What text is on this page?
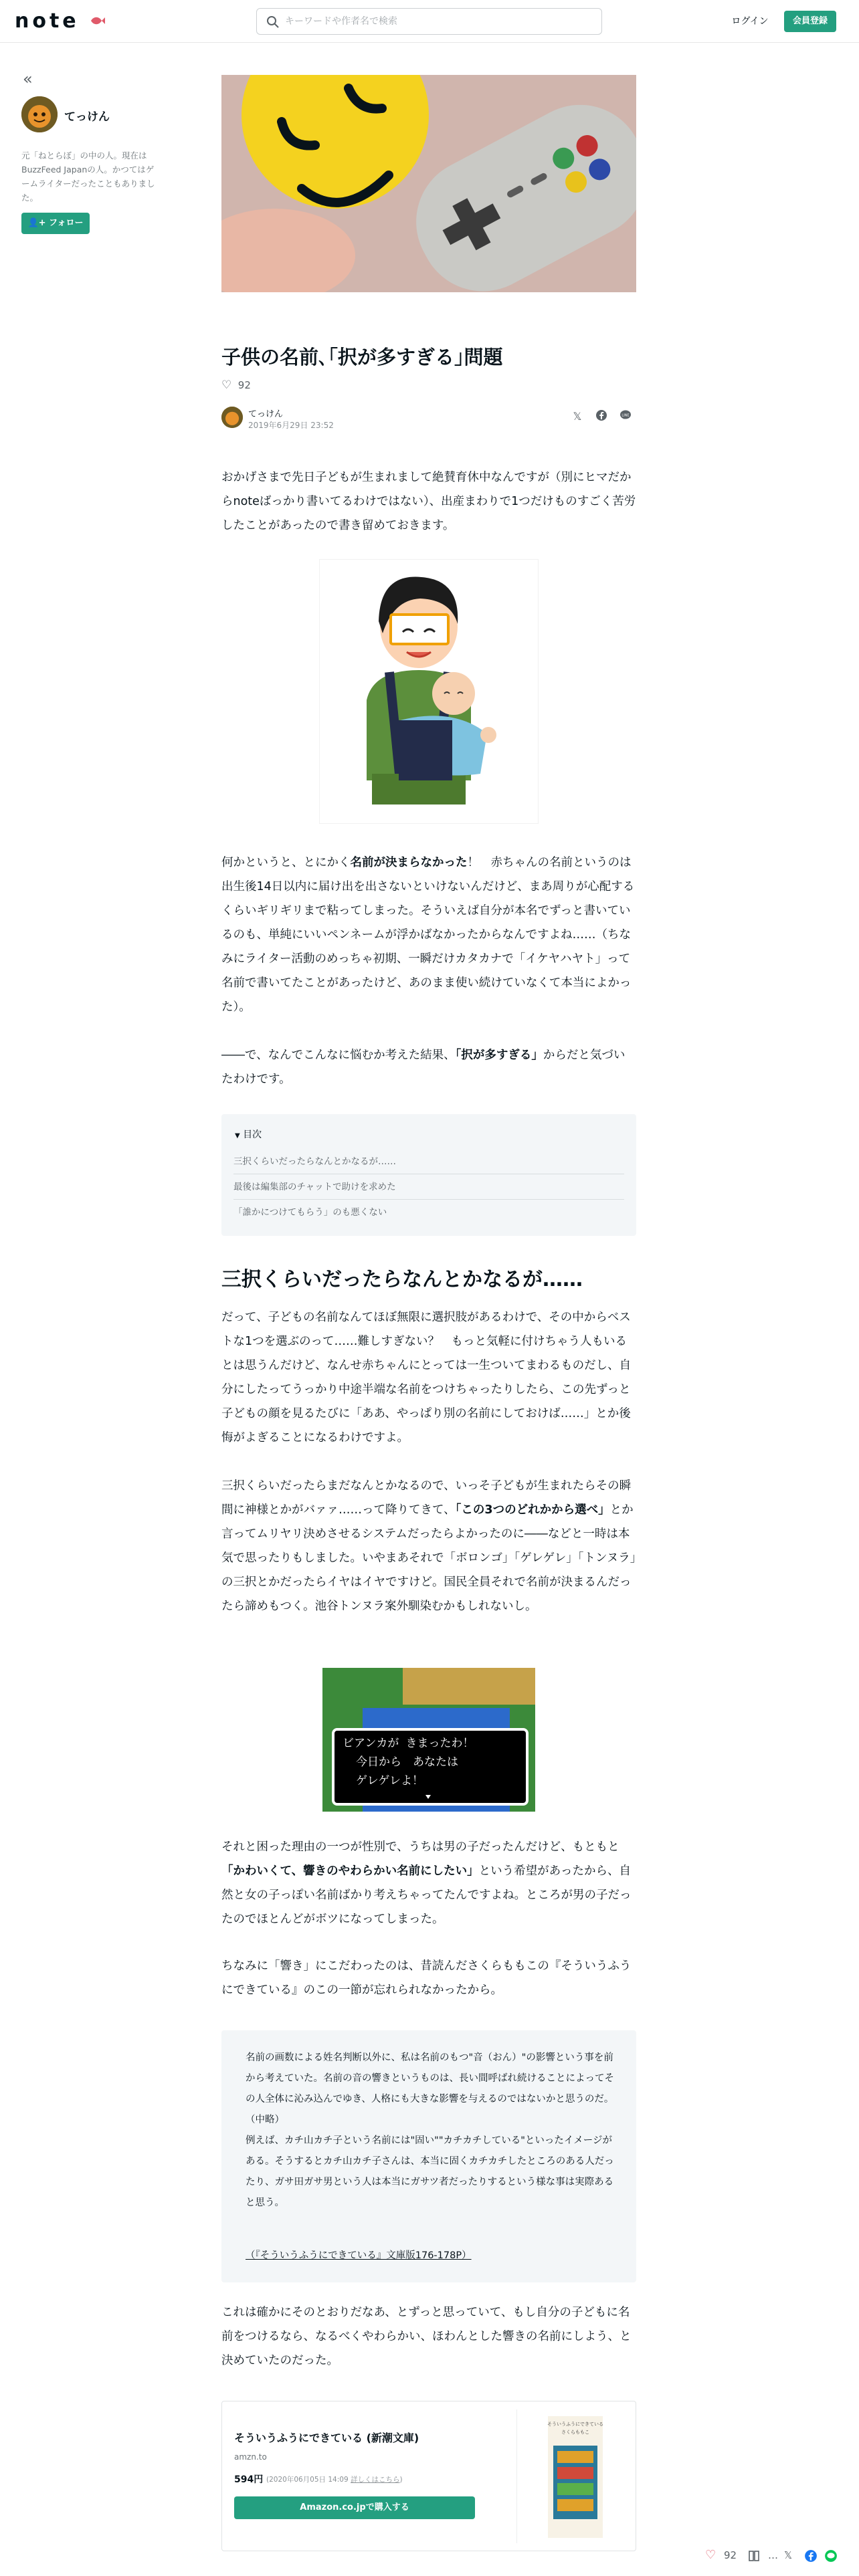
note
キーワードや作者名で検索	ログイン	会員登録
«
てっけん
元「ねとらぼ」の中の人。現在はBuzzFeed Japanの人。かつてはゲームライターだったこともありました。
👤+ フォロー
子供の名前､｢択が多すぎる｣問題
♡ 92
てっけん
2019年6月29日 23:52
𝕏	LINE
おかげさまで先日子どもが生まれまして絶賛育休中なんですが（別にヒマだからnoteばっかり書いてるわけではない）、出産まわりで1つだけものすごく苦労したことがあったので書き留めておきます。
何かというと、とにかく名前が決まらなかった！　赤ちゃんの名前というのは出生後14日以内に届け出を出さないといけないんだけど、まあ周りが心配するくらいギリギリまで粘ってしまった。そういえば自分が本名でずっと書いているのも、単純にいいペンネームが浮かばなかったからなんですよね……（ちなみにライター活動のめっちゃ初期、一瞬だけカタカナで「イケヤハヤト」って名前で書いてたことがあったけど、あのまま使い続けていなくて本当によかった）。
――で、なんでこんなに悩むか考えた結果、「択が多すぎる」からだと気づいたわけです。
▼ 目次
三択くらいだったらなんとかなるが……
最後は編集部のチャットで助けを求めた
「誰かにつけてもらう」のも悪くない
三択くらいだったらなんとかなるが……
だって、子どもの名前なんてほぼ無限に選択肢があるわけで、その中からベストな1つを選ぶのって……難しすぎない？　もっと気軽に付けちゃう人もいるとは思うんだけど、なんせ赤ちゃんにとっては一生ついてまわるものだし、自分にしたってうっかり中途半端な名前をつけちゃったりしたら、この先ずっと子どもの顔を見るたびに「ああ、やっぱり別の名前にしておけば……」とか後悔がよぎることになるわけですよ。
三択くらいだったらまだなんとかなるので、いっそ子どもが生まれたらその瞬間に神様とかがバァァ……って降りてきて、「この3つのどれかから選べ」とか言ってムリヤリ決めさせるシステムだったらよかったのに――などと一時は本気で思ったりもしました。いやまあそれで「ボロンゴ」「ゲレゲレ」「トンヌラ」の三択とかだったらイヤはイヤですけど。国民全員それで名前が決まるんだったら諦めもつく。池谷トンヌラ案外馴染むかもしれないし。
ビアンカが きまったわ！
今日から　あなたは
ゲレゲレよ！
それと困った理由の一つが性別で、うちは男の子だったんだけど、もともと「かわいくて、響きのやわらかい名前にしたい」という希望があったから、自然と女の子っぽい名前ばかり考えちゃってたんですよね。ところが男の子だったのでほとんどがボツになってしまった。
ちなみに「響き」にこだわったのは、昔読んださくらももこの『そういうふうにできている』のこの一節が忘れられなかったから。
名前の画数による姓名判断以外に、私は名前のもつ"音（おん）"の影響という事を前から考えていた。名前の音の響きというものは、長い間呼ばれ続けることによってその人全体に沁み込んでゆき、人格にも大きな影響を与えるのではないかと思うのだ。（中略）
例えば、カチ山カチ子という名前には"固い""カチカチしている"といったイメージがある。そうするとカチ山カチ子さんは、本当に固くカチカチしたところのある人だったり、ガサ田ガサ男という人は本当にガサツ者だったりするという様な事は実際あると思う。
（『そういうふうにできている』文庫版176-178P）
これは確かにそのとおりだなあ、とずっと思っていて、もし自分の子どもに名前をつけるなら、なるべくやわらかい、ほわんとした響きの名前にしよう、と決めていたのだった。
そういうふうにできている (新潮文庫)
amzn.to
594円 (2020年06月05日 14:09 詳しくはこちら)
Amazon.co.jpで購入する
そういうふうにできている
さくらももこ
♡ 92	… 𝕏
